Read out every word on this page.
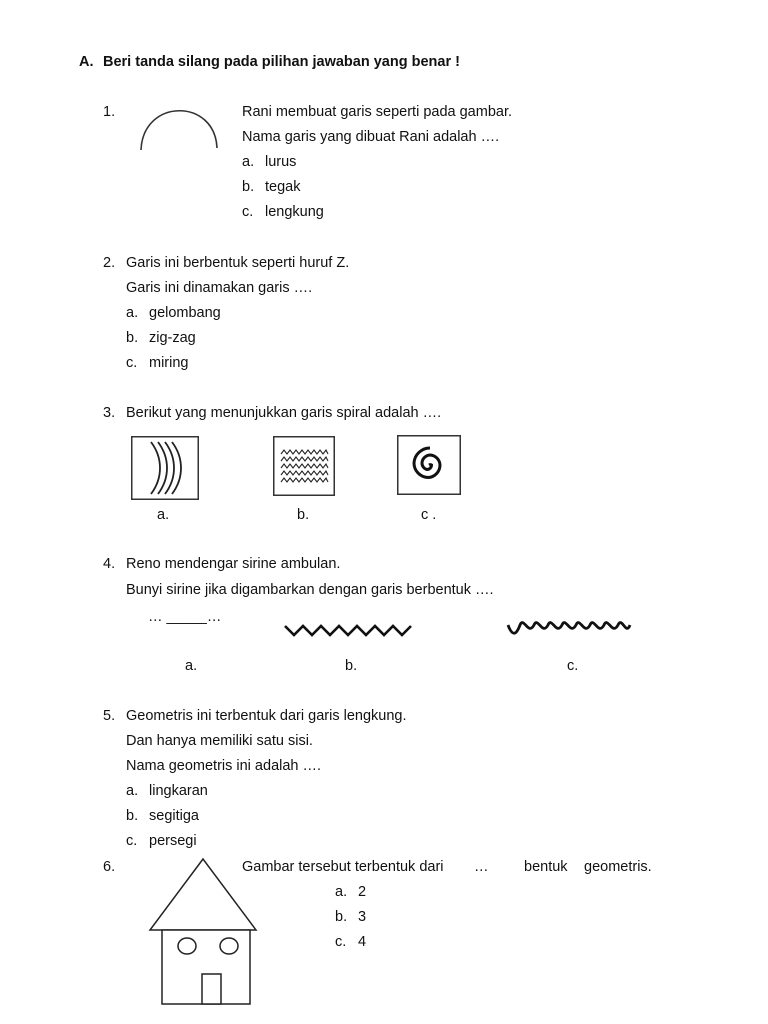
A. Beri tanda silang pada pilihan jawaban yang benar !
1.	Rani membuat garis seperti pada gambar.
Nama garis yang dibuat Rani adalah ….
a. lurus
b. tegak
c. lengkung
2. Garis ini berbentuk seperti huruf Z.
Garis ini dinamakan garis ….
a. gelombang
b. zig-zag
c. miring
3. Berikut yang menunjukkan garis spiral adalah ….
a.	b.	c .
4. Reno mendengar sirine ambulan.
Bunyi sirine jika digambarkan dengan garis berbentuk ….
… _____…
a.	b.	c.
5. Geometris ini terbentuk dari garis lengkung.
Dan hanya memiliki satu sisi.
Nama geometris ini adalah ….
a. lingkaran
b. segitiga
c. persegi
6.	Gambar tersebut terbentuk dari … bentuk geometris.
a. 2
b. 3
c. 4
